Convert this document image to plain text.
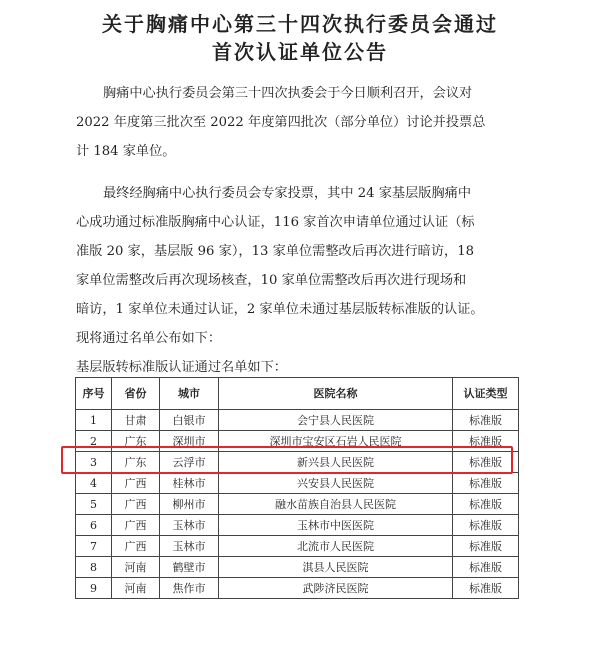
关于胸痛中心第三十四次执行委员会通过
首次认证单位公告
胸痛中心执行委员会第三十四次执委会于今日顺利召开，会议对
2022 年度第三批次至 2022 年度第四批次（部分单位）讨论并投票总
计 184 家单位。
最终经胸痛中心执行委员会专家投票，其中 24 家基层版胸痛中
心成功通过标准版胸痛中心认证，116 家首次申请单位通过认证（标
准版 20 家，基层版 96 家），13 家单位需整改后再次进行暗访，18
家单位需整改后再次现场核查，10 家单位需整改后再次进行现场和
暗访，1 家单位未通过认证，2 家单位未通过基层版转标准版的认证。
现将通过名单公布如下：
基层版转标准版认证通过名单如下：
序号	省份	城市	医院名称	认证类型
1	甘肃	白银市	会宁县人民医院	标准版
2	广东	深圳市	深圳市宝安区石岩人民医院	标准版
3	广东	云浮市	新兴县人民医院	标准版
4	广西	桂林市	兴安县人民医院	标准版
5	广西	柳州市	融水苗族自治县人民医院	标准版
6	广西	玉林市	玉林市中医医院	标准版
7	广西	玉林市	北流市人民医院	标准版
8	河南	鹤壁市	淇县人民医院	标准版
9	河南	焦作市	武陟济民医院	标准版
